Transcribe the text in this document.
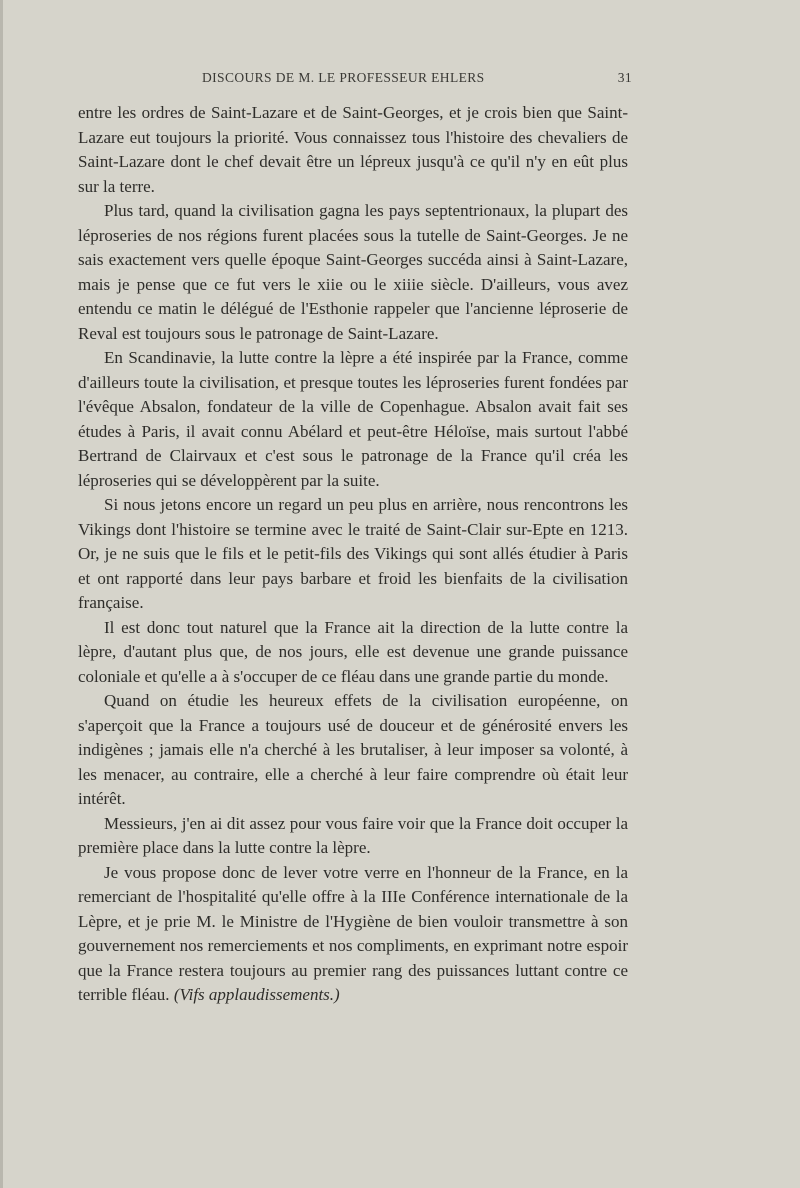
DISCOURS DE M. LE PROFESSEUR EHLERS	31

entre les ordres de Saint-Lazare et de Saint-Georges, et je crois bien que Saint-Lazare eut toujours la priorité. Vous connaissez tous l'histoire des chevaliers de Saint-Lazare dont le chef devait être un lépreux jusqu'à ce qu'il n'y en eût plus sur la terre.

Plus tard, quand la civilisation gagna les pays septentrionaux, la plupart des léproseries de nos régions furent placées sous la tutelle de Saint-Georges. Je ne sais exactement vers quelle époque Saint-Georges succéda ainsi à Saint-Lazare, mais je pense que ce fut vers le xiie ou le xiiie siècle. D'ailleurs, vous avez entendu ce matin le délégué de l'Esthonie rappeler que l'ancienne léproserie de Reval est toujours sous le patronage de Saint-Lazare.

En Scandinavie, la lutte contre la lèpre a été inspirée par la France, comme d'ailleurs toute la civilisation, et presque toutes les léproseries furent fondées par l'évêque Absalon, fondateur de la ville de Copenhague. Absalon avait fait ses études à Paris, il avait connu Abélard et peut-être Héloïse, mais surtout l'abbé Bertrand de Clairvaux et c'est sous le patronage de la France qu'il créa les léproseries qui se développèrent par la suite.

Si nous jetons encore un regard un peu plus en arrière, nous rencontrons les Vikings dont l'histoire se termine avec le traité de Saint-Clair sur-Epte en 1213. Or, je ne suis que le fils et le petit-fils des Vikings qui sont allés étudier à Paris et ont rapporté dans leur pays barbare et froid les bienfaits de la civilisation française.

Il est donc tout naturel que la France ait la direction de la lutte contre la lèpre, d'autant plus que, de nos jours, elle est devenue une grande puissance coloniale et qu'elle a à s'occuper de ce fléau dans une grande partie du monde.

Quand on étudie les heureux effets de la civilisation européenne, on s'aperçoit que la France a toujours usé de douceur et de générosité envers les indigènes ; jamais elle n'a cherché à les brutaliser, à leur imposer sa volonté, à les menacer, au contraire, elle a cherché à leur faire comprendre où était leur intérêt.

Messieurs, j'en ai dit assez pour vous faire voir que la France doit occuper la première place dans la lutte contre la lèpre.

Je vous propose donc de lever votre verre en l'honneur de la France, en la remerciant de l'hospitalité qu'elle offre à la IIIe Conférence internationale de la Lèpre, et je prie M. le Ministre de l'Hygiène de bien vouloir transmettre à son gouvernement nos remerciements et nos compliments, en exprimant notre espoir que la France restera toujours au premier rang des puissances luttant contre ce terrible fléau. (Vifs applaudissements.)
